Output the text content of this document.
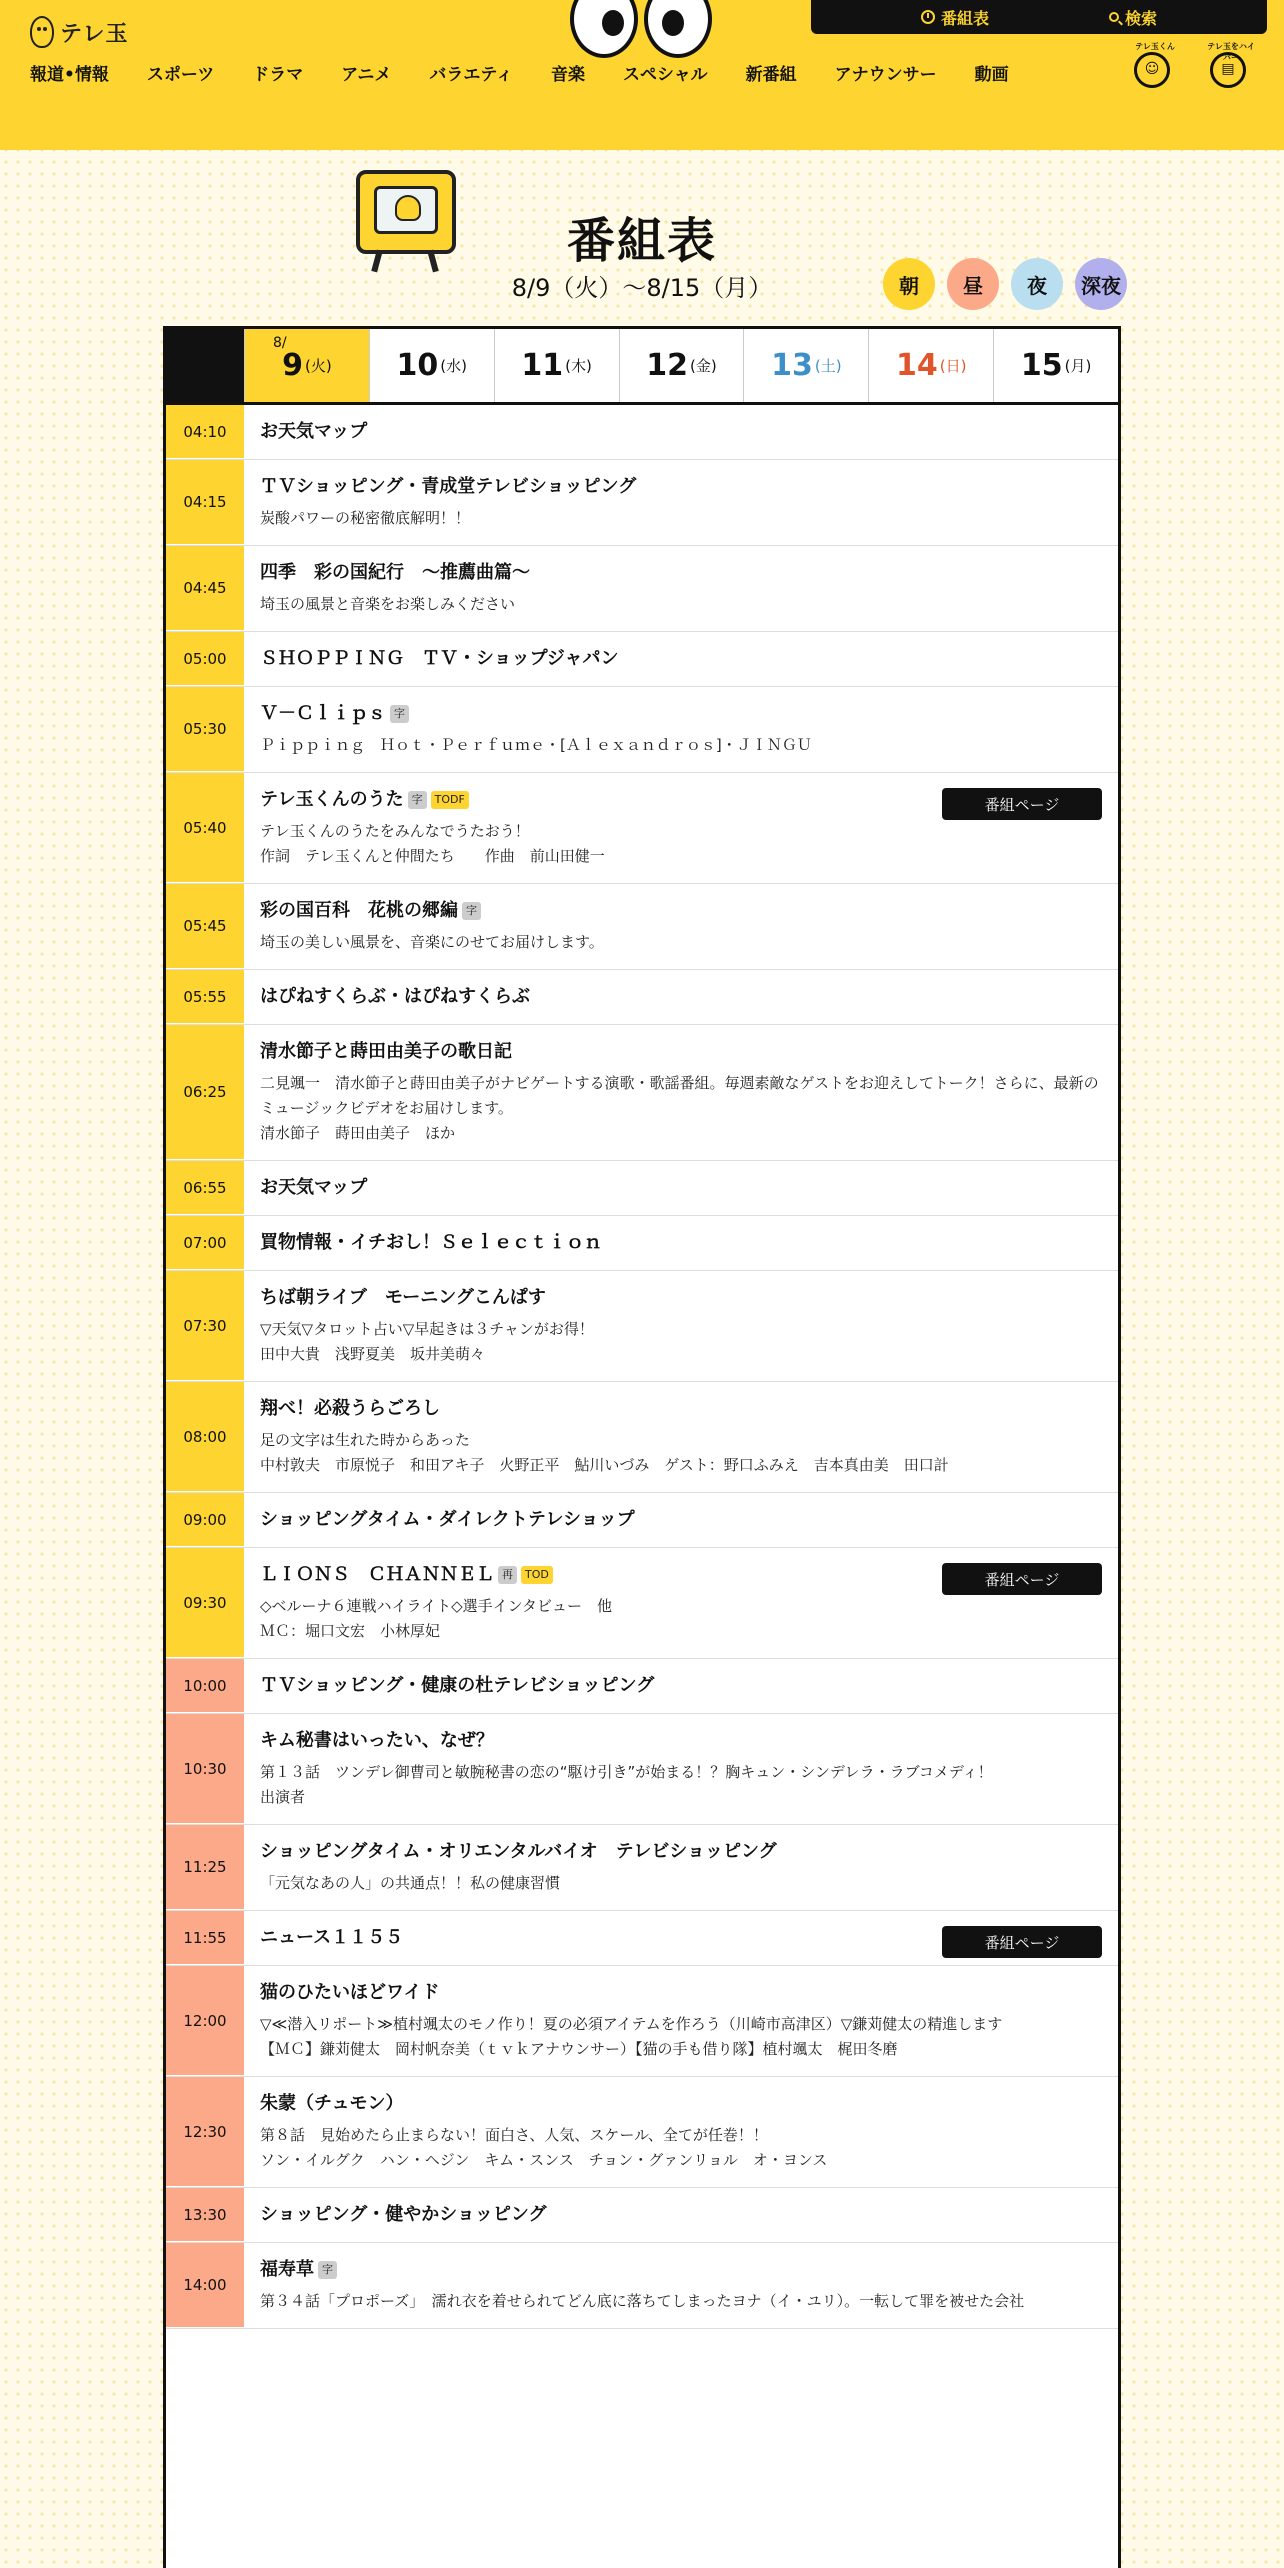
テレ玉
番組表	検索
報道•情報 スポーツ ドラマ アニメ バラエティ 音楽 スペシャル 新番組 アナウンサー 動画
テレ玉くん
☺
テレ玉をハイパー
▤
番組表
8/9（火）〜8/15（月）	朝	昼	夜	深夜
8/
9 (火) 10 (水) 11 (木) 12 (金) 13 (土) 14 (日) 15 (月)
04:10	お天気マップ
04:15
ＴＶショッピング・青成堂テレビショッピング
炭酸パワーの秘密徹底解明！！
04:45
四季　彩の国紀行　～推薦曲篇～
埼玉の風景と音楽をお楽しみください
05:00	ＳＨＯＰＰＩＮＧ　ＴＶ・ショップジャパン
05:30
Ｖ－Ｃｌｉｐｓ 字
Ｐｉｐｐｉｎｇ　Ｈｏｔ・Ｐｅｒｆｕｍｅ・[Ａｌｅｘａｎｄｒｏｓ]・ＪＩＮＧＵ
05:40
テレ玉くんのうた 字	TODF
テレ玉くんのうたをみんなでうたおう！
作詞　テレ玉くんと仲間たち　　作曲　前山田健一
番組ページ
05:45
彩の国百科　花桃の郷編 字
埼玉の美しい風景を、音楽にのせてお届けします。
05:55	はぴねすくらぶ・はぴねすくらぶ
06:25
清水節子と蒔田由美子の歌日記
二見颯一　清水節子と蒔田由美子がナビゲートする演歌・歌謡番組。毎週素敵なゲストをお迎えしてトーク！さらに、最新のミュージックビデオをお届けします。
清水節子　蒔田由美子　ほか
06:55	お天気マップ
07:00	買物情報・イチおし！Ｓｅｌｅｃｔｉｏｎ
07:30
ちば朝ライブ　モーニングこんぱす
▽天気▽タロット占い▽早起きは３チャンがお得！
田中大貴　浅野夏美　坂井美萌々
08:00
翔べ！必殺うらごろし
足の文字は生れた時からあった
中村敦夫　市原悦子　和田アキ子　火野正平　鮎川いづみ　ゲスト：野口ふみえ　吉本真由美　田口計
09:00	ショッピングタイム・ダイレクトテレショップ
09:30
ＬＩＯＮＳ　ＣＨＡＮＮＥＬ 再	TOD
◇ベルーナ６連戦ハイライト◇選手インタビュー　他
ＭＣ：堀口文宏　小林厚妃
番組ページ
10:00	ＴＶショッピング・健康の杜テレビショッピング
10:30
キム秘書はいったい、なぜ？
第１３話　ツンデレ御曹司と敏腕秘書の恋の“駆け引き”が始まる！？胸キュン・シンデレラ・ラブコメディ！
出演者
11:25
ショッピングタイム・オリエンタルバイオ　テレビショッピング
「元気なあの人」の共通点！！私の健康習慣
11:55	ニュース１１５５	番組ページ
12:00
猫のひたいほどワイド
▽≪潜入リポート≫植村颯太のモノ作り！夏の必須アイテムを作ろう（川崎市高津区）▽鎌苅健太の精進します
【ＭＣ】鎌苅健太　岡村帆奈美（ｔｖｋアナウンサー）【猫の手も借り隊】植村颯太　梶田冬磨
12:30
朱蒙（チュモン）
第８話　見始めたら止まらない！面白さ、人気、スケール、全てが任巻！！
ソン・イルグク　ハン・ヘジン　キム・スンス　チョン・グァンリョル　オ・ヨンス
13:30	ショッピング・健やかショッピング
14:00
福寿草 字
第３４話「プロポーズ」　濡れ衣を着せられてどん底に落ちてしまったヨナ（イ・ユリ）。一転して罪を被せた会社
